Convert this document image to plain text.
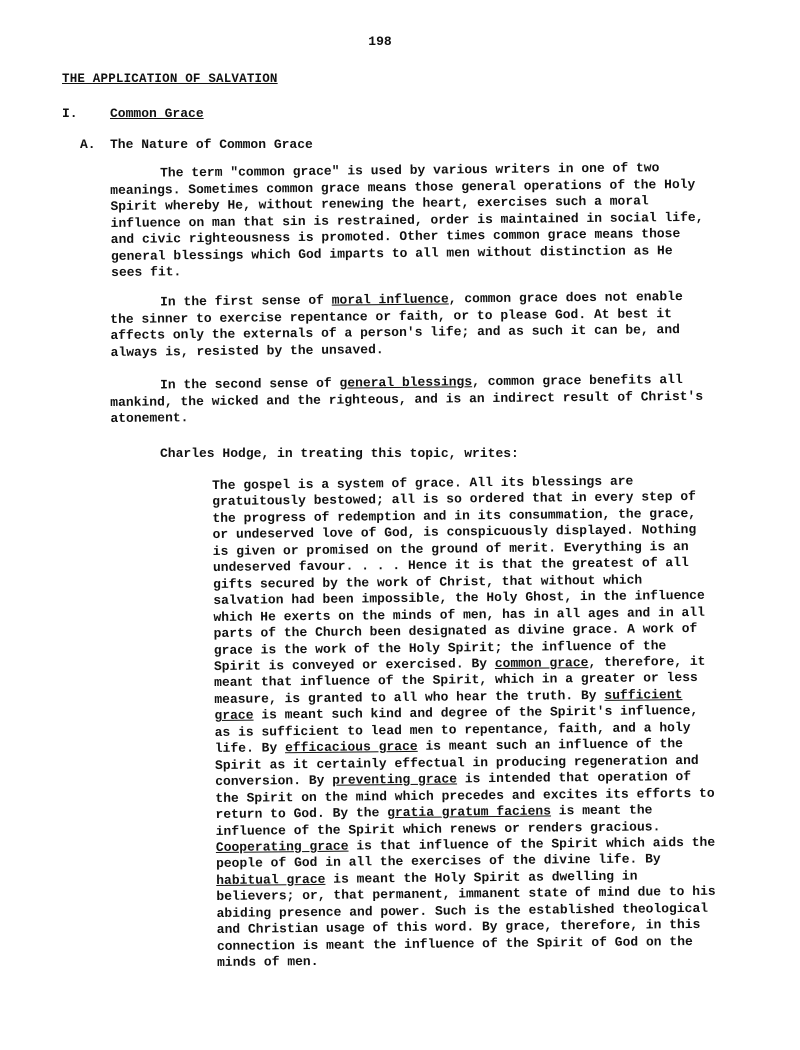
198
THE APPLICATION OF SALVATION
I. Common Grace
A. The Nature of Common Grace

The term "common grace" is used by various writers in one of two meanings. Sometimes common grace means those general operations of the Holy Spirit whereby He, without renewing the heart, exercises such a moral influence on man that sin is restrained, order is maintained in social life, and civic righteousness is promoted. Other times common grace means those general blessings which God imparts to all men without distinction as He sees fit.

In the first sense of moral influence, common grace does not enable the sinner to exercise repentance or faith, or to please God. At best it affects only the externals of a person's life; and as such it can be, and always is, resisted by the unsaved.

In the second sense of general blessings, common grace benefits all mankind, the wicked and the righteous, and is an indirect result of Christ's atonement.

Charles Hodge, in treating this topic, writes:

The gospel is a system of grace. All its blessings are gratuitously bestowed; all is so ordered that in every step of the progress of redemption and in its consummation, the grace, or undeserved love of God, is conspicuously displayed. Nothing is given or promised on the ground of merit. Everything is an undeserved favour. . . . Hence it is that the greatest of all gifts secured by the work of Christ, that without which salvation had been impossible, the Holy Ghost, in the influence which He exerts on the minds of men, has in all ages and in all parts of the Church been designated as divine grace. A work of grace is the work of the Holy Spirit; the influence of the Spirit is conveyed or exercised. By common grace, therefore, it meant that influence of the Spirit, which in a greater or less measure, is granted to all who hear the truth. By sufficient grace is meant such kind and degree of the Spirit's influence, as is sufficient to lead men to repentance, faith, and a holy life. By efficacious grace is meant such an influence of the Spirit as it certainly effectual in producing regeneration and conversion. By preventing grace is intended that operation of the Spirit on the mind which precedes and excites its efforts to return to God. By the gratia gratum faciens is meant the influence of the Spirit which renews or renders gracious. Cooperating grace is that influence of the Spirit which aids the people of God in all the exercises of the divine life. By habitual grace is meant the Holy Spirit as dwelling in believers; or, that permanent, immanent state of mind due to his abiding presence and power. Such is the established theological and Christian usage of this word. By grace, therefore, in this connection is meant the influence of the Spirit of God on the minds of men.
